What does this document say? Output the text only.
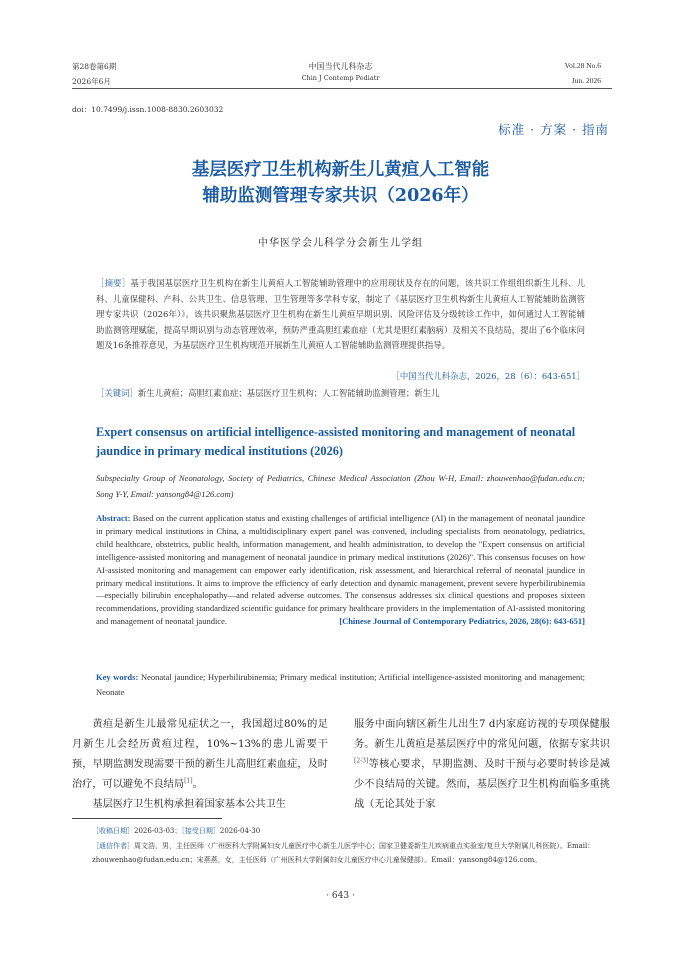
第28卷第6期
2026年6月
中国当代儿科杂志
Chin J Contemp Pediatr
Vol.28 No.6
Jun. 2026
doi：10.7499/j.issn.1008-8830.2603032
标准 · 方案 · 指南
基层医疗卫生机构新生儿黄疸人工智能
辅助监测管理专家共识（2026年）
中华医学会儿科学分会新生儿学组
［摘要］基于我国基层医疗卫生机构在新生儿黄疸人工智能辅助管理中的应用现状及存在的问题，该共识工作组组织新生儿科、儿科、儿童保健科、产科、公共卫生、信息管理、卫生管理等多学科专家，制定了《基层医疗卫生机构新生儿黄疸人工智能辅助监测管理专家共识（2026年）》。该共识聚焦基层医疗卫生机构在新生儿黄疸早期识别、风险评估及分级转诊工作中，如何通过人工智能辅助监测管理赋能，提高早期识别与动态管理效率，预防严重高胆红素血症（尤其是胆红素脑病）及相关不良结局，提出了6个临床问题及16条推荐意见，为基层医疗卫生机构规范开展新生儿黄疸人工智能辅助监测管理提供指导。
［中国当代儿科杂志，2026，28（6）：643-651］
［关键词］新生儿黄疸；高胆红素血症；基层医疗卫生机构；人工智能辅助监测管理；新生儿
Expert consensus on artificial intelligence-assisted monitoring and management of neonatal jaundice in primary medical institutions (2026)
Subspecialty Group of Neonatology, Society of Pediatrics, Chinese Medical Association (Zhou W-H, Email: zhouwenhao@fudan.edu.cn; Song Y-Y, Email: yansong84@126.com)
Abstract: Based on the current application status and existing challenges of artificial intelligence (AI) in the management of neonatal jaundice in primary medical institutions in China, a multidisciplinary expert panel was convened, including specialists from neonatology, pediatrics, child healthcare, obstetrics, public health, information management, and health administration, to develop the "Expert consensus on artificial intelligence-assisted monitoring and management of neonatal jaundice in primary medical institutions (2026)". This consensus focuses on how AI-assisted monitoring and management can empower early identification, risk assessment, and hierarchical referral of neonatal jaundice in primary medical institutions. It aims to improve the efficiency of early detection and dynamic management, prevent severe hyperbilirubinemia—especially bilirubin encephalopathy—and related adverse outcomes. The consensus addresses six clinical questions and proposes sixteen recommendations, providing standardized scientific guidance for primary healthcare providers in the implementation of AI-assisted monitoring and management of neonatal jaundice.	[Chinese Journal of Contemporary Pediatrics, 2026, 28(6): 643-651]
Key words: Neonatal jaundice; Hyperbilirubinemia; Primary medical institution; Artificial intelligence-assisted monitoring and management; Neonate

黄疸是新生儿最常见症状之一，我国超过80%的足月新生儿会经历黄疸过程，10%~13%的患儿需要干预，早期监测发现需要干预的新生儿高胆红素血症，及时治疗，可以避免不良结局[1]。

基层医疗卫生机构承担着国家基本公共卫生

服务中面向辖区新生儿出生7 d内家庭访视的专项保健服务。新生儿黄疸是基层医疗中的常见问题，依据专家共识[2-3]等核心要求，早期监测、及时干预与必要时转诊是减少不良结局的关键。然而，基层医疗卫生机构面临多重挑战（无论其处于家

［收稿日期］2026-03-03；［接受日期］2026-04-30
［通信作者］周文浩，男，主任医师（广州医科大学附属妇女儿童医疗中心新生儿医学中心；国家卫健委新生儿疾病重点实验室/复旦大学附属儿科医院）。Email：zhouwenhao@fudan.edu.cn；宋燕燕，女，主任医师（广州医科大学附属妇女儿童医疗中心儿童保健部）。Email：yansong84@126.com。
· 643 ·
